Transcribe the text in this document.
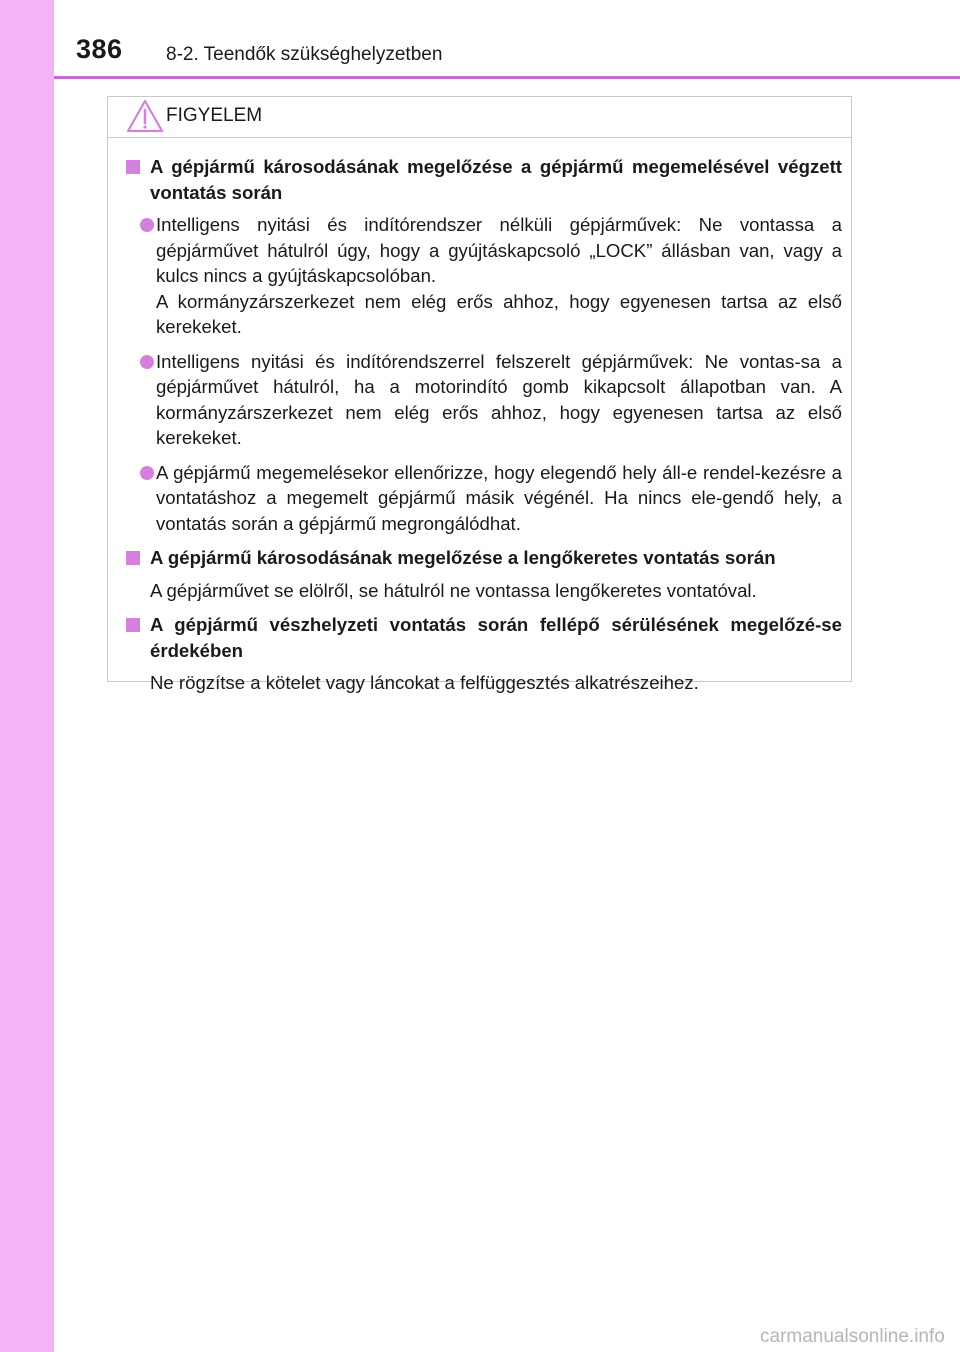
386 8-2. Teendők szükséghelyzetben
FIGYELEM
A gépjármű károsodásának megelőzése a gépjármű megemelésével végzett vontatás során
Intelligens nyitási és indítórendszer nélküli gépjárművek: Ne vontassa a gépjárművet hátulról úgy, hogy a gyújtáskapcsoló „LOCK” állásban van, vagy a kulcs nincs a gyújtáskapcsolóban.
A kormányzárszerkezet nem elég erős ahhoz, hogy egyenesen tartsa az első kerekeket.
Intelligens nyitási és indítórendszerrel felszerelt gépjárművek: Ne vontas-sa a gépjárművet hátulról, ha a motorindító gomb kikapcsolt állapotban van. A kormányzárszerkezet nem elég erős ahhoz, hogy egyenesen tartsa az első kerekeket.
A gépjármű megemelésekor ellenőrizze, hogy elegendő hely áll-e rendel-kezésre a vontatáshoz a megemelt gépjármű másik végénél. Ha nincs ele-gendő hely, a vontatás során a gépjármű megrongálódhat.
A gépjármű károsodásának megelőzése a lengőkeretes vontatás során
A gépjárművet se elölről, se hátulról ne vontassa lengőkeretes vontatóval.
A gépjármű vészhelyzeti vontatás során fellépő sérülésének megelőzé-se érdekében
Ne rögzítse a kötelet vagy láncokat a felfüggesztés alkatrészeihez.
carmanualsonline.info
